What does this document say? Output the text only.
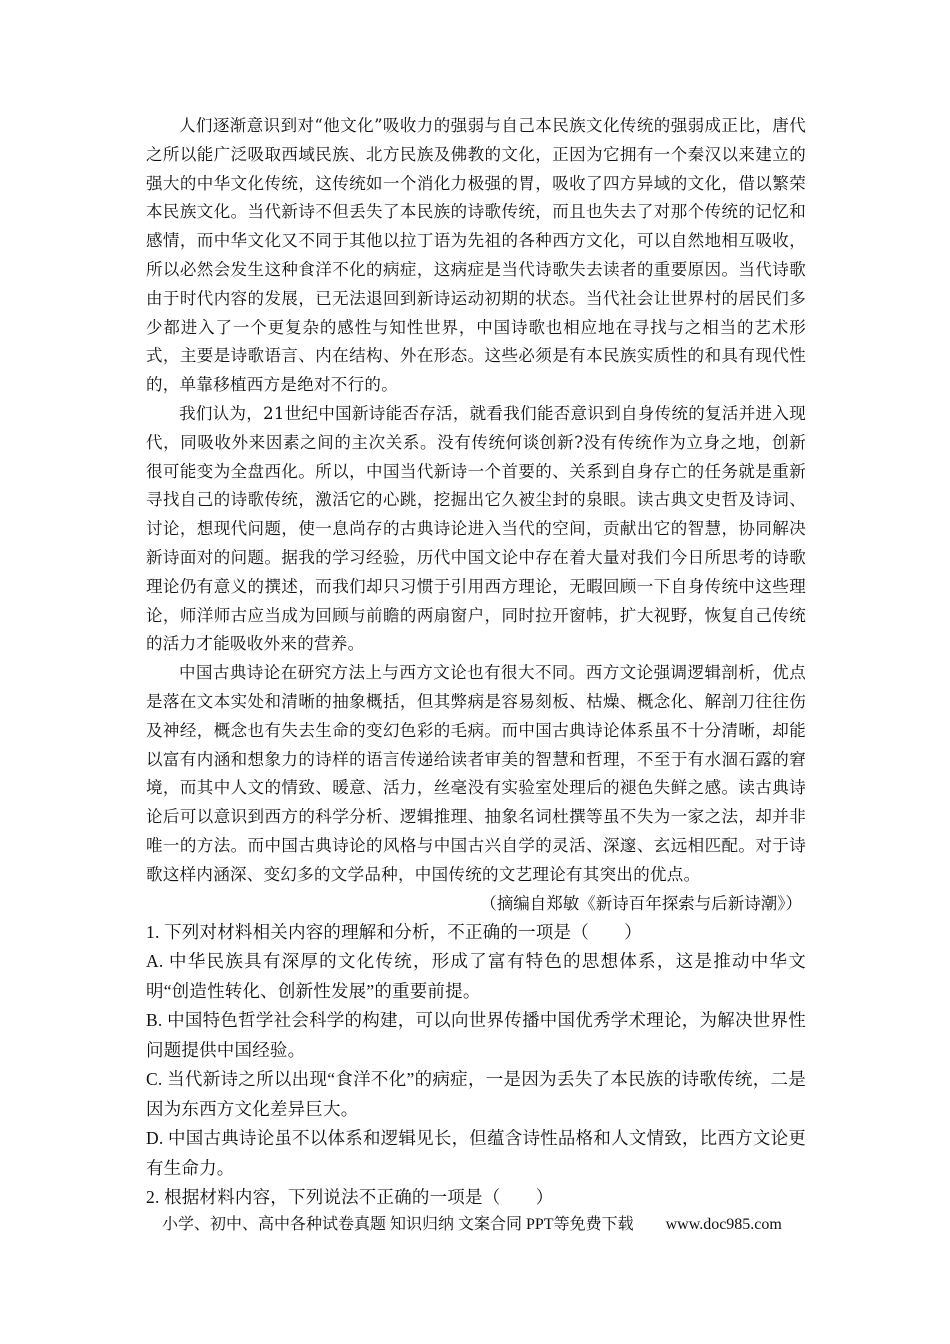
人们逐渐意识到对“他文化”吸收力的强弱与自己本民族文化传统的强弱成正比，唐代之所以能广泛吸取西域民族、北方民族及佛教的文化，正因为它拥有一个秦汉以来建立的强大的中华文化传统，这传统如一个消化力极强的胃，吸收了四方异域的文化，借以繁荣本民族文化。当代新诗不但丢失了本民族的诗歌传统，而且也失去了对那个传统的记忆和感情，而中华文化又不同于其他以拉丁语为先祖的各种西方文化，可以自然地相互吸收，所以必然会发生这种食洋不化的病症，这病症是当代诗歌失去读者的重要原因。当代诗歌由于时代内容的发展，已无法退回到新诗运动初期的状态。当代社会让世界村的居民们多少都进入了一个更复杂的感性与知性世界，中国诗歌也相应地在寻找与之相当的艺术形式，主要是诗歌语言、内在结构、外在形态。这些必须是有本民族实质性的和具有现代性的，单靠移植西方是绝对不行的。

我们认为，21世纪中国新诗能否存活，就看我们能否意识到自身传统的复活并进入现代，同吸收外来因素之间的主次关系。没有传统何谈创新?没有传统作为立身之地，创新很可能变为全盘西化。所以，中国当代新诗一个首要的、关系到自身存亡的任务就是重新寻找自己的诗歌传统，激活它的心跳，挖掘出它久被尘封的泉眼。读古典文史哲及诗词、讨论，想现代问题，使一息尚存的古典诗论进入当代的空间，贡献出它的智慧，协同解决新诗面对的问题。据我的学习经验，历代中国文论中存在着大量对我们今日所思考的诗歌理论仍有意义的撰述，而我们却只习惯于引用西方理论，无暇回顾一下自身传统中这些理论，师洋师古应当成为回顾与前瞻的两扇窗户，同时拉开窗帏，扩大视野，恢复自己传统的活力才能吸收外来的营养。

中国古典诗论在研究方法上与西方文论也有很大不同。西方文论强调逻辑剖析，优点是落在文本实处和清晰的抽象概括，但其弊病是容易刻板、枯燥、概念化、解剖刀往往伤及神经，概念也有失去生命的变幻色彩的毛病。而中国古典诗论体系虽不十分清晰，却能以富有内涵和想象力的诗样的语言传递给读者审美的智慧和哲理，不至于有水涸石露的窘境，而其中人文的情致、暖意、活力，丝毫没有实验室处理后的褪色失鲜之感。读古典诗论后可以意识到西方的科学分析、逻辑推理、抽象名词杜撰等虽不失为一家之法，却并非唯一的方法。而中国古典诗论的风格与中国古兴自学的灵活、深邃、玄远相匹配。对于诗歌这样内涵深、变幻多的文学品种，中国传统的文艺理论有其突出的优点。

（摘编自郑敏《新诗百年探索与后新诗潮》）

1. 下列对材料相关内容的理解和分析，不正确的一项是（　　）

A. 中华民族具有深厚的文化传统，形成了富有特色的思想体系，这是推动中华文明“创造性转化、创新性发展”的重要前提。

B. 中国特色哲学社会科学的构建，可以向世界传播中国优秀学术理论，为解决世界性问题提供中国经验。

C. 当代新诗之所以出现“食洋不化”的病症，一是因为丢失了本民族的诗歌传统，二是因为东西方文化差异巨大。

D. 中国古典诗论虽不以体系和逻辑见长，但蕴含诗性品格和人文情致，比西方文论更有生命力。

2. 根据材料内容，下列说法不正确的一项是（　　）

小学、初中、高中各种试卷真题 知识归纳 文案合同 PPT等免费下载 www.doc985.com
